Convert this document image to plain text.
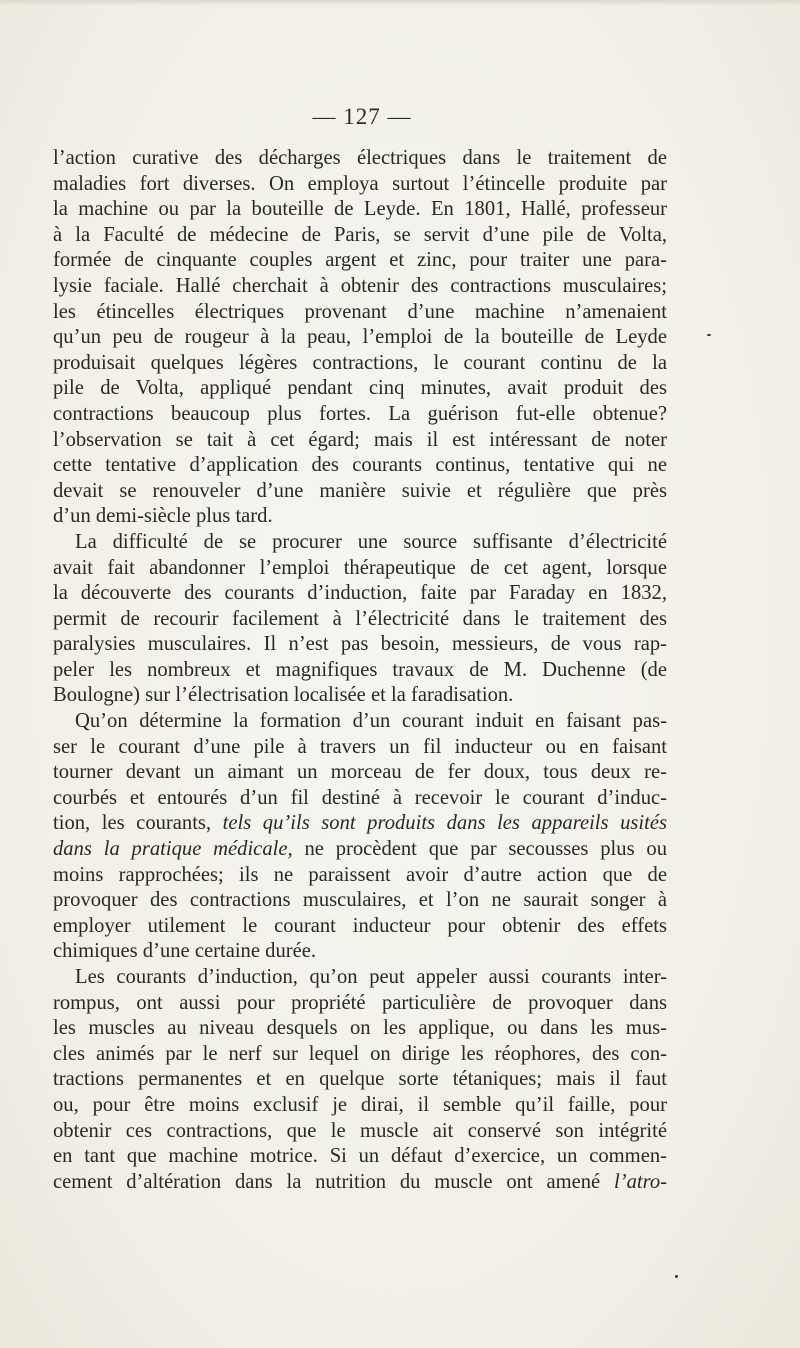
— 127 —
l’action curative des décharges électriques dans le traitement de
maladies fort diverses. On employa surtout l’étincelle produite par
la machine ou par la bouteille de Leyde. En 1801, Hallé, professeur
à la Faculté de médecine de Paris, se servit d’une pile de Volta,
formée de cinquante couples argent et zinc, pour traiter une para-
lysie faciale. Hallé cherchait à obtenir des contractions musculaires;
les étincelles électriques provenant d’une machine n’amenaient
qu’un peu de rougeur à la peau, l’emploi de la bouteille de Leyde
produisait quelques légères contractions, le courant continu de la
pile de Volta, appliqué pendant cinq minutes, avait produit des
contractions beaucoup plus fortes. La guérison fut-elle obtenue?
l’observation se tait à cet égard; mais il est intéressant de noter
cette tentative d’application des courants continus, tentative qui ne
devait se renouveler d’une manière suivie et régulière que près
d’un demi-siècle plus tard.
La difficulté de se procurer une source suffisante d’électricité
avait fait abandonner l’emploi thérapeutique de cet agent, lorsque
la découverte des courants d’induction, faite par Faraday en 1832,
permit de recourir facilement à l’électricité dans le traitement des
paralysies musculaires. Il n’est pas besoin, messieurs, de vous rap-
peler les nombreux et magnifiques travaux de M. Duchenne (de
Boulogne) sur l’électrisation localisée et la faradisation.
Qu’on détermine la formation d’un courant induit en faisant pas-
ser le courant d’une pile à travers un fil inducteur ou en faisant
tourner devant un aimant un morceau de fer doux, tous deux re-
courbés et entourés d’un fil destiné à recevoir le courant d’induc-
tion, les courants, tels qu’ils sont produits dans les appareils usités
dans la pratique médicale, ne procèdent que par secousses plus ou
moins rapprochées; ils ne paraissent avoir d’autre action que de
provoquer des contractions musculaires, et l’on ne saurait songer à
employer utilement le courant inducteur pour obtenir des effets
chimiques d’une certaine durée.
Les courants d’induction, qu’on peut appeler aussi courants inter-
rompus, ont aussi pour propriété particulière de provoquer dans
les muscles au niveau desquels on les applique, ou dans les mus-
cles animés par le nerf sur lequel on dirige les réophores, des con-
tractions permanentes et en quelque sorte tétaniques; mais il faut
ou, pour être moins exclusif je dirai, il semble qu’il faille, pour
obtenir ces contractions, que le muscle ait conservé son intégrité
en tant que machine motrice. Si un défaut d’exercice, un commen-
cement d’altération dans la nutrition du muscle ont amené l’atro-
